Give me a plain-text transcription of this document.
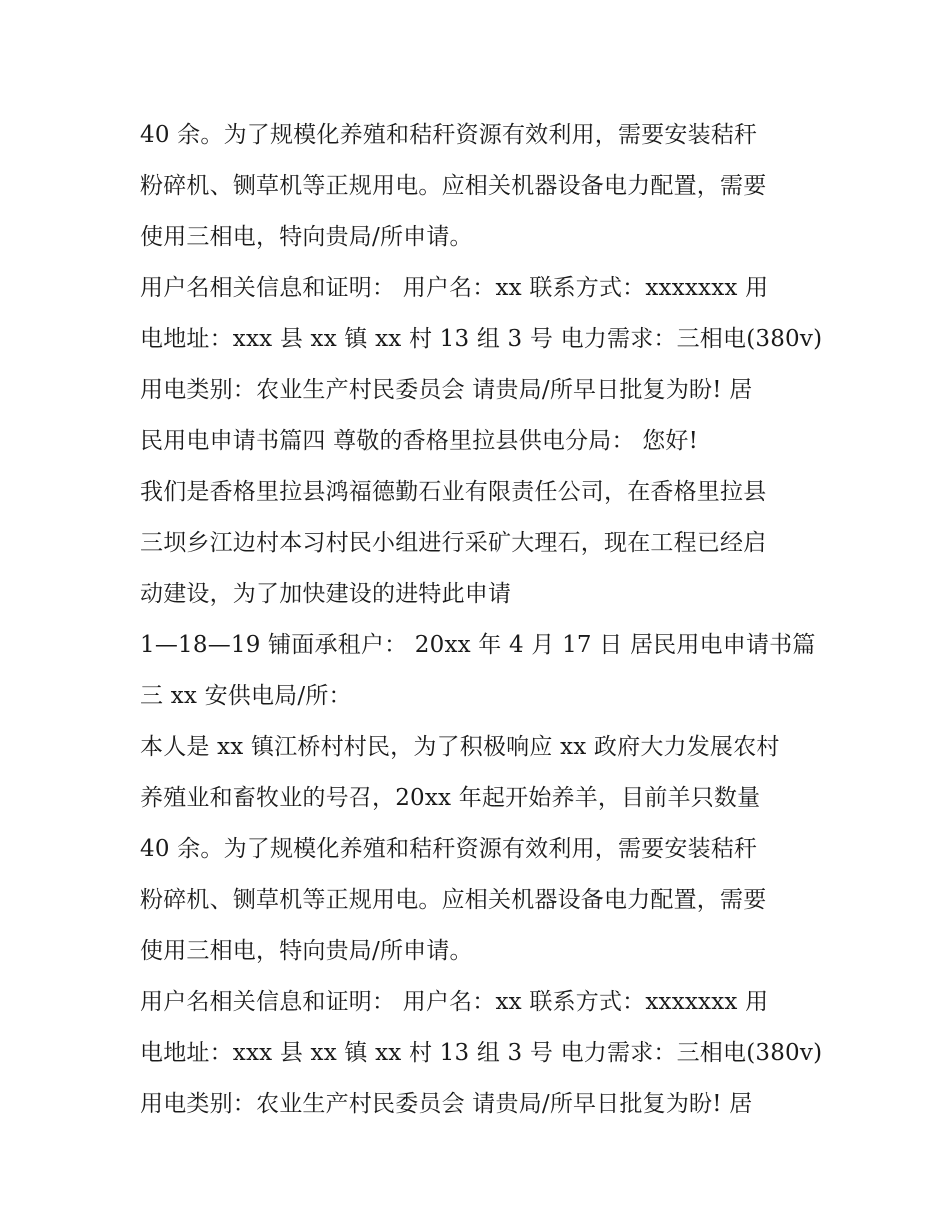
40 余。为了规模化养殖和秸秆资源有效利用，需要安装秸秆
粉碎机、铡草机等正规用电。应相关机器设备电力配置，需要
使用三相电，特向贵局/所申请。
用户名相关信息和证明： 用户名：xx 联系方式：xxxxxxx 用
电地址：xxx 县 xx 镇 xx 村 13 组 3 号 电力需求：三相电(380v)
用电类别：农业生产村民委员会 请贵局/所早日批复为盼! 居
民用电申请书篇四 尊敬的香格里拉县供电分局： 您好!
我们是香格里拉县鸿福德勤石业有限责任公司，在香格里拉县
三坝乡江边村本习村民小组进行采矿大理石，现在工程已经启
动建设，为了加快建设的进特此申请
1—18—19 铺面承租户： 20xx 年 4 月 17 日 居民用电申请书篇
三 xx 安供电局/所：
本人是 xx 镇江桥村村民，为了积极响应 xx 政府大力发展农村
养殖业和畜牧业的号召，20xx 年起开始养羊，目前羊只数量
40 余。为了规模化养殖和秸秆资源有效利用，需要安装秸秆
粉碎机、铡草机等正规用电。应相关机器设备电力配置，需要
使用三相电，特向贵局/所申请。
用户名相关信息和证明： 用户名：xx 联系方式：xxxxxxx 用
电地址：xxx 县 xx 镇 xx 村 13 组 3 号 电力需求：三相电(380v)
用电类别：农业生产村民委员会 请贵局/所早日批复为盼! 居
